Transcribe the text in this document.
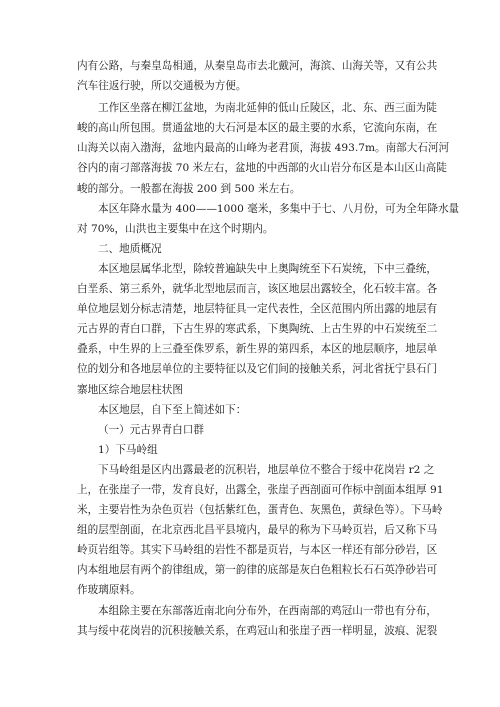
内有公路，与秦皇岛相通，从秦皇岛市去北戴河，海滨、山海关等，又有公共
汽车往返行驶，所以交通极为方便。

工作区坐落在柳江盆地，为南北延伸的低山丘陵区，北、东、西三面为陡
峻的高山所包围。贯通盆地的大石河是本区的最主要的水系，它流向东南，在
山海关以南入渤海，盆地内最高的山峰为老君顶，海拔 493.7m。南部大石河河
谷内的南刁部落海拔 70 米左右，盆地的中西部的火山岩分布区是本山区山高陡
峻的部分。一般都在海拔 200 到 500 米左右。

本区年降水量为 400——1000 毫米，多集中于七、八月份，可为全年降水量
对 70%，山洪也主要集中在这个时期内。

二、地质概况

本区地层属华北型，除较普遍缺失中上奥陶统至下石炭统，下中三叠统，
白垩系、第三系外，就华北型地层而言，该区地层出露较全，化石较丰富。各
单位地层划分标志清楚，地层特征具一定代表性，全区范围内所出露的地层有
元古界的青白口群，下古生界的寒武系，下奥陶统、上古生界的中石炭统至二
叠系，中生界的上三叠至侏罗系，新生界的第四系，本区的地层顺序，地层单
位的划分和各地层单位的主要特征以及它们间的接触关系，河北省抚宁县石门
寨地区综合地层柱状图

本区地层，自下至上简述如下：

（一）元古界青白口群

1）下马岭组

下马岭组是区内出露最老的沉积岩，地层单位不整合于绥中花岗岩 r2 之
上，在张崖子一带，发育良好，出露全，张崖子西剖面可作标中剖面本组厚 91
米，主要岩性为杂色页岩（包括紫红色，蛋青色、灰黑色，黄绿色等）。下马岭
组的层型剖面，在北京西北昌平县境内，最早的称为下马岭页岩，后又称下马
岭页岩组等。其实下马岭组的岩性不都是页岩，与本区一样还有部分砂岩，区
内本组地层有两个韵律组成，第一韵律的底部是灰白色粗粒长石石英净砂岩可
作玻璃原料。

本组除主要在东部落近南北向分布外，在西南部的鸡冠山一带也有分布，
其与绥中花岗岩的沉积接触关系，在鸡冠山和张崖子西一样明显，波痕、泥裂
